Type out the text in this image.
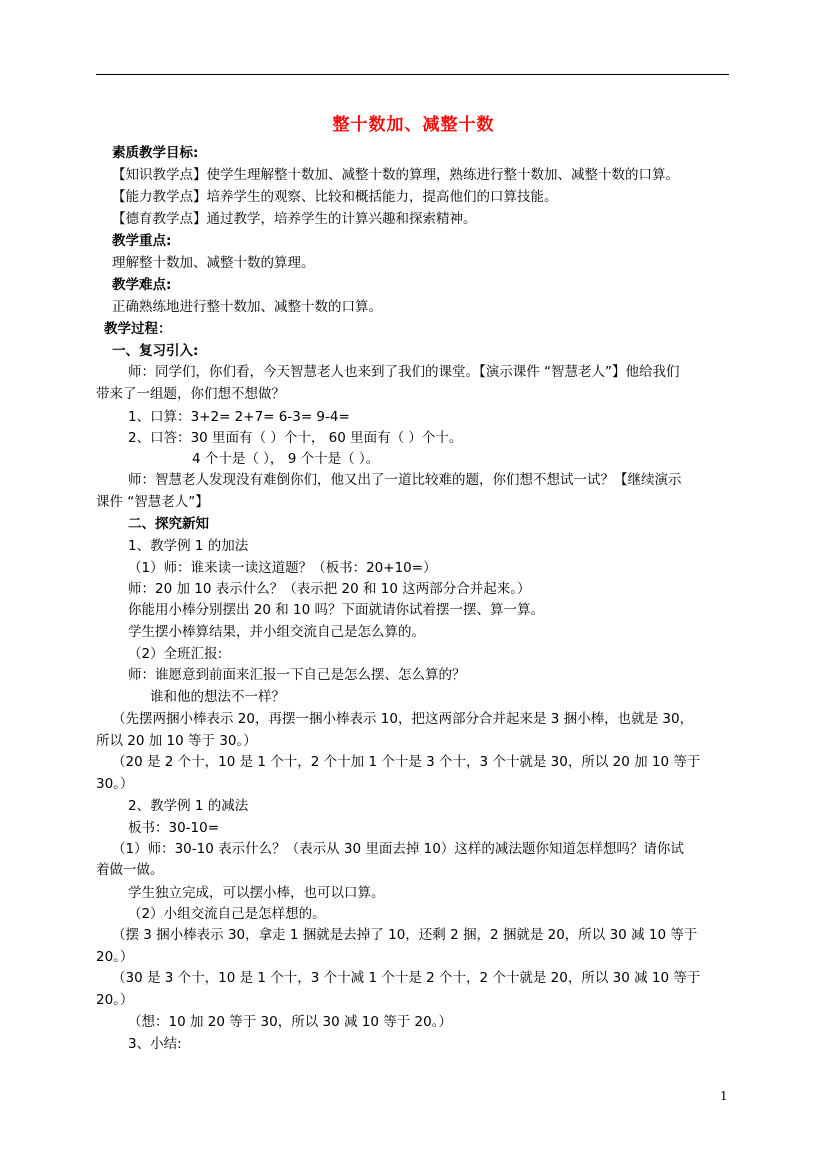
整十数加、减整十数
素质教学目标:
【知识教学点】使学生理解整十数加、减整十数的算理，熟练进行整十数加、减整十数的口算。
【能力教学点】培养学生的观察、比较和概括能力，提高他们的口算技能。
【德育教学点】通过教学，培养学生的计算兴趣和探索精神。
教学重点:
理解整十数加、减整十数的算理。
教学难点:
正确熟练地进行整十数加、减整十数的口算。
教学过程：
一、复习引入:
师：同学们，你们看，今天智慧老人也来到了我们的课堂。【演示课件 “智慧老人”】他给我们
带来了一组题，你们想不想做？
1、口算：3+2= 2+7= 6-3= 9-4=
2、口答：30 里面有（ ）个十， 60 里面有（ ）个十。
4 个十是（ ）， 9 个十是（ ）。
师：智慧老人发现没有难倒你们，他又出了一道比较难的题，你们想不想试一试？【继续演示
课件 “智慧老人”】
二、探究新知
1、教学例 1 的加法
（1）师：谁来读一读这道题？（板书：20+10=）
师：20 加 10 表示什么？（表示把 20 和 10 这两部分合并起来。）
你能用小棒分别摆出 20 和 10 吗？下面就请你试着摆一摆、算一算。
学生摆小棒算结果，并小组交流自己是怎么算的。
（2）全班汇报:
师：谁愿意到前面来汇报一下自己是怎么摆、怎么算的？
谁和他的想法不一样？
（先摆两捆小棒表示 20，再摆一捆小棒表示 10，把这两部分合并起来是 3 捆小棒，也就是 30，
所以 20 加 10 等于 30。）
（20 是 2 个十，10 是 1 个十，2 个十加 1 个十是 3 个十，3 个十就是 30，所以 20 加 10 等于
30。）
2、教学例 1 的减法
板书：30-10=
（1）师：30-10 表示什么？（表示从 30 里面去掉 10）这样的减法题你知道怎样想吗？请你试
着做一做。
学生独立完成，可以摆小棒，也可以口算。
（2）小组交流自己是怎样想的。
（摆 3 捆小棒表示 30，拿走 1 捆就是去掉了 10，还剩 2 捆，2 捆就是 20，所以 30 减 10 等于
20。）
（30 是 3 个十，10 是 1 个十，3 个十减 1 个十是 2 个十，2 个十就是 20，所以 30 减 10 等于
20。）
（想：10 加 20 等于 30，所以 30 减 10 等于 20。）
3、小结:
1
